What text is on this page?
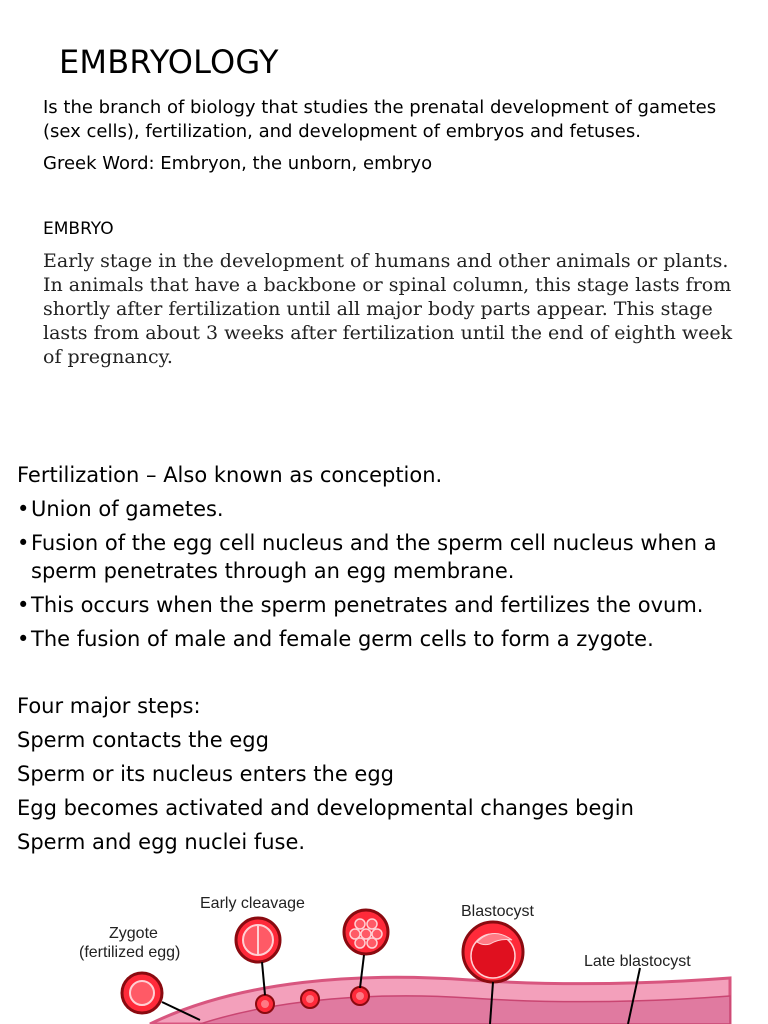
EMBRYOLOGY
Is the branch of biology that studies the prenatal development of gametes (sex cells), fertilization, and development of embryos and fetuses.
Greek Word: Embryon, the unborn, embryo
EMBRYO
Early stage in the development of humans and other animals or plants. In animals that have a backbone or spinal column, this stage lasts from shortly after fertilization until all major body parts appear. This stage lasts from about 3 weeks after fertilization until the end of eighth week of pregnancy.
Fertilization – Also known as conception.
• Union of gametes.
• Fusion of the egg cell nucleus and the sperm cell nucleus when a sperm penetrates through an egg membrane.
• This occurs when the sperm penetrates and fertilizes the ovum.
• The fusion of male and female germ cells to form a zygote.
Four major steps:
Sperm contacts the egg
Sperm or its nucleus enters the egg
Egg becomes activated and developmental changes begin
Sperm and egg nuclei fuse.
Early cleavage
Zygote
(fertilized egg)
Blastocyst
Late blastocyst
